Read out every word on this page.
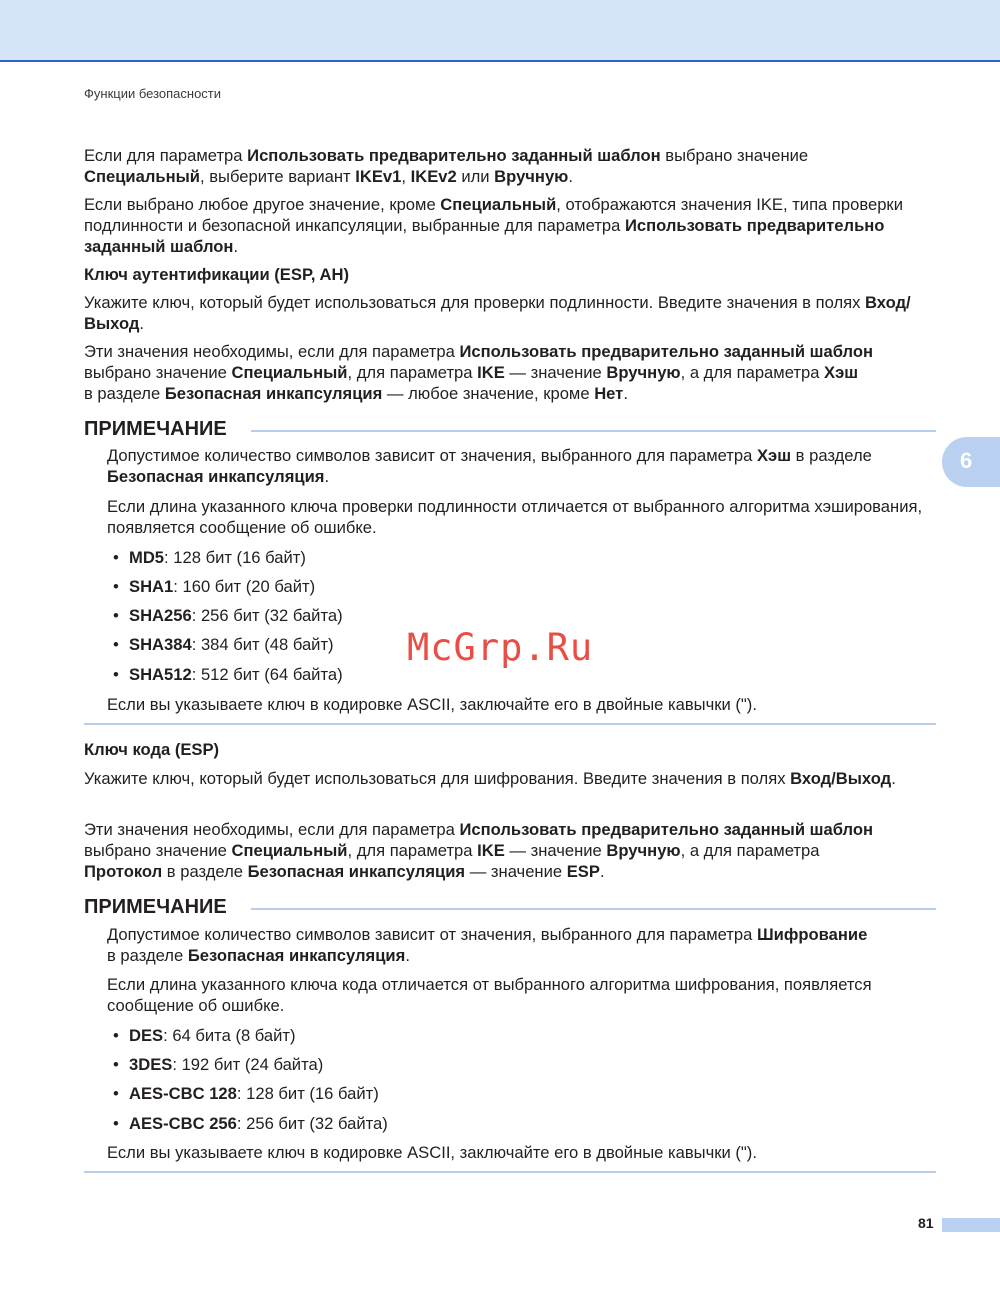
Функции безопасности
6

Если для параметра Использовать предварительно заданный шаблон выбрано значение
Специальный, выберите вариант IKEv1, IKEv2 или Вручную.

Если выбрано любое другое значение, кроме Специальный, отображаются значения IKE, типа проверки подлинности и безопасной инкапсуляции, выбранные для параметра Использовать предварительно заданный шаблон.

Ключ аутентификации (ESP, AH)

Укажите ключ, который будет использоваться для проверки подлинности. Введите значения в полях Вход/Выход.

Эти значения необходимы, если для параметра Использовать предварительно заданный шаблон
выбрано значение Специальный, для параметра IKE — значение Вручную, а для параметра Хэш
в разделе Безопасная инкапсуляция — любое значение, кроме Нет.

ПРИМЕЧАНИЕ

Допустимое количество символов зависит от значения, выбранного для параметра Хэш в разделе
Безопасная инкапсуляция.

Если длина указанного ключа проверки подлинности отличается от выбранного алгоритма хэширования, появляется сообщение об ошибке.

• MD5: 128 бит (16 байт)
• SHA1: 160 бит (20 байт)
• SHA256: 256 бит (32 байта)
• SHA384: 384 бит (48 байт)
• SHA512: 512 бит (64 байта)

Если вы указываете ключ в кодировке ASCII, заключайте его в двойные кавычки (").

McGrp.Ru

Ключ кода (ESP)

Укажите ключ, который будет использоваться для шифрования. Введите значения в полях Вход/Выход.

Эти значения необходимы, если для параметра Использовать предварительно заданный шаблон
выбрано значение Специальный, для параметра IKE — значение Вручную, а для параметра
Протокол в разделе Безопасная инкапсуляция — значение ESP.

ПРИМЕЧАНИЕ

Допустимое количество символов зависит от значения, выбранного для параметра Шифрование
в разделе Безопасная инкапсуляция.

Если длина указанного ключа кода отличается от выбранного алгоритма шифрования, появляется сообщение об ошибке.

• DES: 64 бита (8 байт)
• 3DES: 192 бит (24 байта)
• AES-CBC 128: 128 бит (16 байт)
• AES-CBC 256: 256 бит (32 байта)

Если вы указываете ключ в кодировке ASCII, заключайте его в двойные кавычки (").

81
